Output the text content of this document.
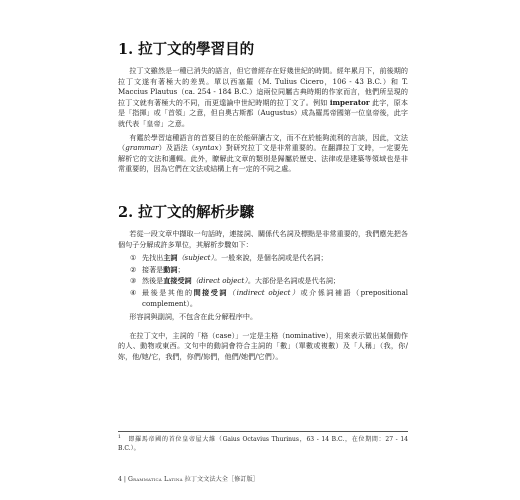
1. 拉丁文的學習目的

拉丁文雖然是一種已消失的語言，但它曾經存在好幾世紀的時間。經年累月下，前後期的拉丁文遂有著極大的差異。單以西塞羅（M. Tulius Cicero，106 - 43 B.C.）和 T. Maccius Plautus（ca. 254 - 184 B.C.）這兩位同屬古典時期的作家而言，他們所呈現的拉丁文就有著極大的不同，而更遑論中世紀時期的拉丁文了。例如 imperator 此字，原本是「指揮」或「首領」之意，但自奧古斯都（Augustus）成為羅馬帝國第一位皇帝後，此字就代表「皇帝」之意。

有鑑於學習這種語言的首要目的在於能研讀古文，而不在於能夠流利的言談，因此，文法（grammar）及語法（syntax）對研究拉丁文是非常重要的。在翻譯拉丁文時，一定要先解析它的文法和邏輯。此外，瞭解此文章的類別是歸屬於歷史、法律或是建築等領域也是非常重要的，因為它們在文法或結構上有一定的不同之處。

2. 拉丁文的解析步驟

若從一段文章中擷取一句話時，連接詞、關係代名詞及標點是非常重要的，我們應先把各個句子分解成許多單位，其解析步驟如下：

① 先找出主詞（subject）。一般來說，是個名詞或是代名詞；
② 接著是動詞；
③ 然後是直接受詞（direct object）。大部份是名詞或是代名詞；
④ 最後是其他的間接受詞（indirect object）或介係詞補語（prepositional complement）。

形容詞與副詞，不包含在此分解程序中。

在拉丁文中，主詞的「格（case）」一定是主格（nominative），用來表示做出某個動作的人、動物或東西。文句中的動詞會符合主詞的「數」（單數或複數）及「人稱」（我，你/妳，他/她/它，我們，你們/妳們，他們/她們/它們）。

$^1$　 即羅馬帝國的首位皇帝屋大維（Gaius Octavius Thurinus，63 - 14 B.C.，在位期間：27 - 14 B.C.）。

4 | Grammatica Latina 拉丁文文法大全［修訂版］
